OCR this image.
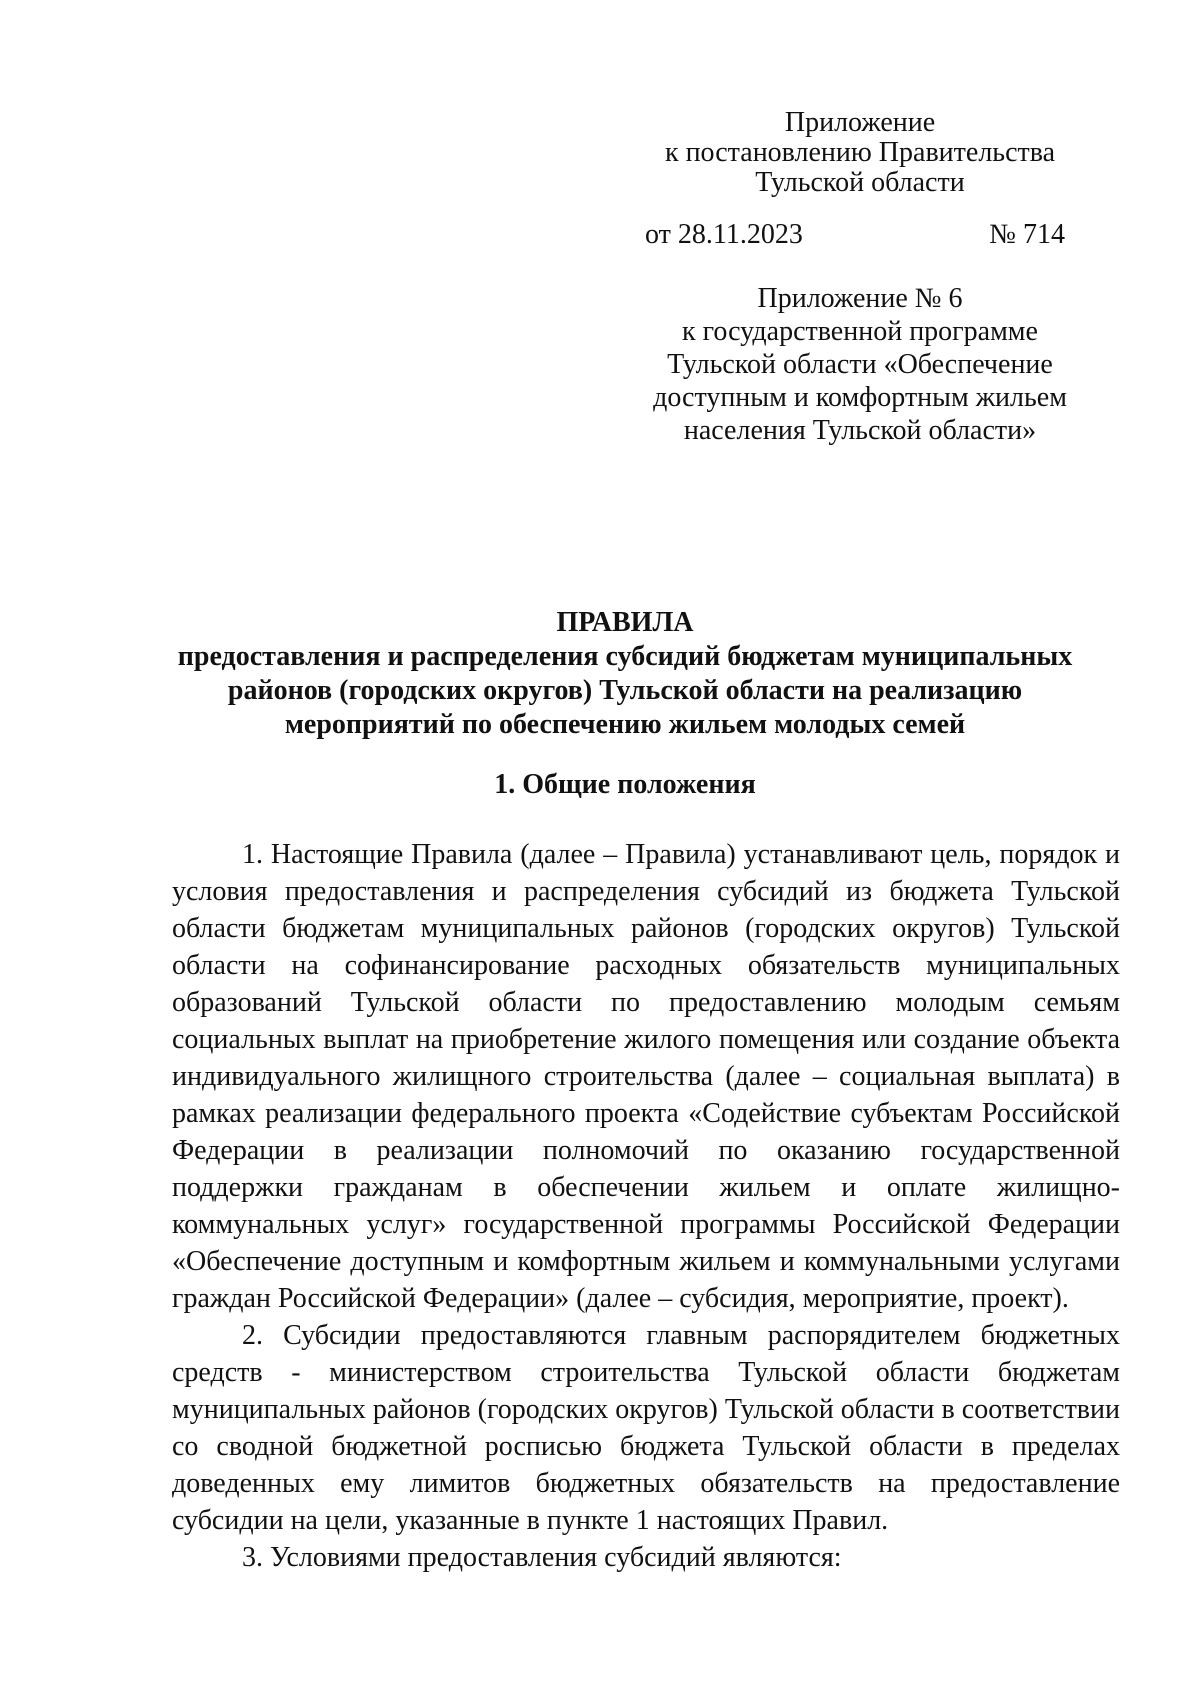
Приложение
к постановлению Правительства
Тульской области
от 28.11.2023	№ 714
Приложение № 6
к государственной программе
Тульской области «Обеспечение
доступным и комфортным жильем
населения Тульской области»
ПРАВИЛА
предоставления и распределения субсидий бюджетам муниципальных
районов (городских округов) Тульской области на реализацию
мероприятий по обеспечению жильем молодых семей
1. Общие положения

1. Настоящие Правила (далее – Правила) устанавливают цель, порядок и условия предоставления и распределения субсидий из бюджета Тульской области бюджетам муниципальных районов (городских округов) Тульской области на софинансирование расходных обязательств муниципальных образований Тульской области по предоставлению молодым семьям социальных выплат на приобретение жилого помещения или создание объекта индивидуального жилищного строительства (далее – социальная выплата) в рамках реализации федерального проекта «Содействие субъектам Российской Федерации в реализации полномочий по оказанию государственной поддержки гражданам в обеспечении жильем и оплате жилищно-коммунальных услуг» государственной программы Российской Федерации «Обеспечение доступным и комфортным жильем и коммунальными услугами граждан Российской Федерации» (далее – субсидия, мероприятие, проект).

2. Субсидии предоставляются главным распорядителем бюджетных средств - министерством строительства Тульской области бюджетам муниципальных районов (городских округов) Тульской области в соответствии со сводной бюджетной росписью бюджета Тульской области в пределах доведенных ему лимитов бюджетных обязательств на предоставление субсидии на цели, указанные в пункте 1 настоящих Правил.

3. Условиями предоставления субсидий являются:
